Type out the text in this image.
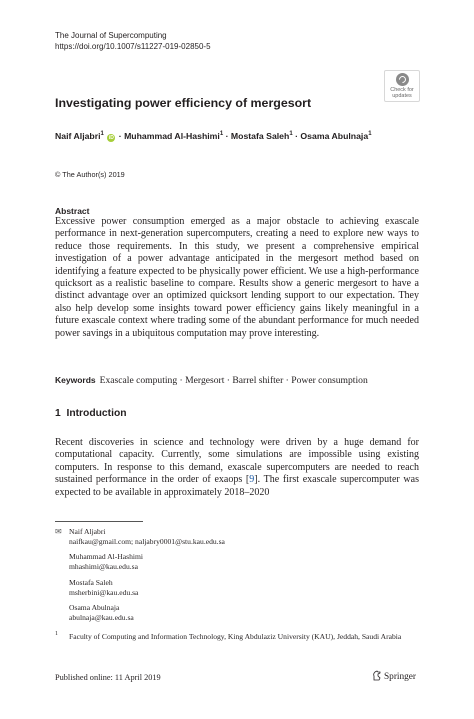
The Journal of Supercomputing
https://doi.org/10.1007/s11227-019-02850-5
Check for
updates
Investigating power efficiency of mergesort
Naif Aljabri$^1$ iD · Muhammad Al-Hashimi$^1$ · Mostafa Saleh$^1$ · Osama Abulnaja$^1$
© The Author(s) 2019
Abstract
Excessive power consumption emerged as a major obstacle to achieving exascale performance in next-generation supercomputers, creating a need to explore new ways to reduce those requirements. In this study, we present a comprehensive empirical investigation of a power advantage anticipated in the mergesort method based on identifying a feature expected to be physically power efficient. We use a high-performance quicksort as a realistic baseline to compare. Results show a generic mergesort to have a distinct advantage over an optimized quicksort lending support to our expectation. They also help develop some insights toward power efficiency gains likely meaningful in a future exascale context where trading some of the abundant performance for much needed power savings in a ubiquitous computation may prove interesting.
Keywords Exascale computing · Mergesort · Barrel shifter · Power consumption
1 Introduction
Recent discoveries in science and technology were driven by a huge demand for computational capacity. Currently, some simulations are impossible using existing computers. In response to this demand, exascale supercomputers are needed to reach sustained performance in the order of exaops [9]. The first exascale supercomputer was expected to be available in approximately 2018–2020
✉ Naif Aljabri
naifkau@gmail.com; naljabry0001@stu.kau.edu.sa
Muhammad Al-Hashimi
mhashimi@kau.edu.sa
Mostafa Saleh
msherbini@kau.edu.sa
Osama Abulnaja
abulnaja@kau.edu.sa
1 Faculty of Computing and Information Technology, King Abdulaziz University (KAU), Jeddah, Saudi Arabia
Published online: 11 April 2019	Springer
